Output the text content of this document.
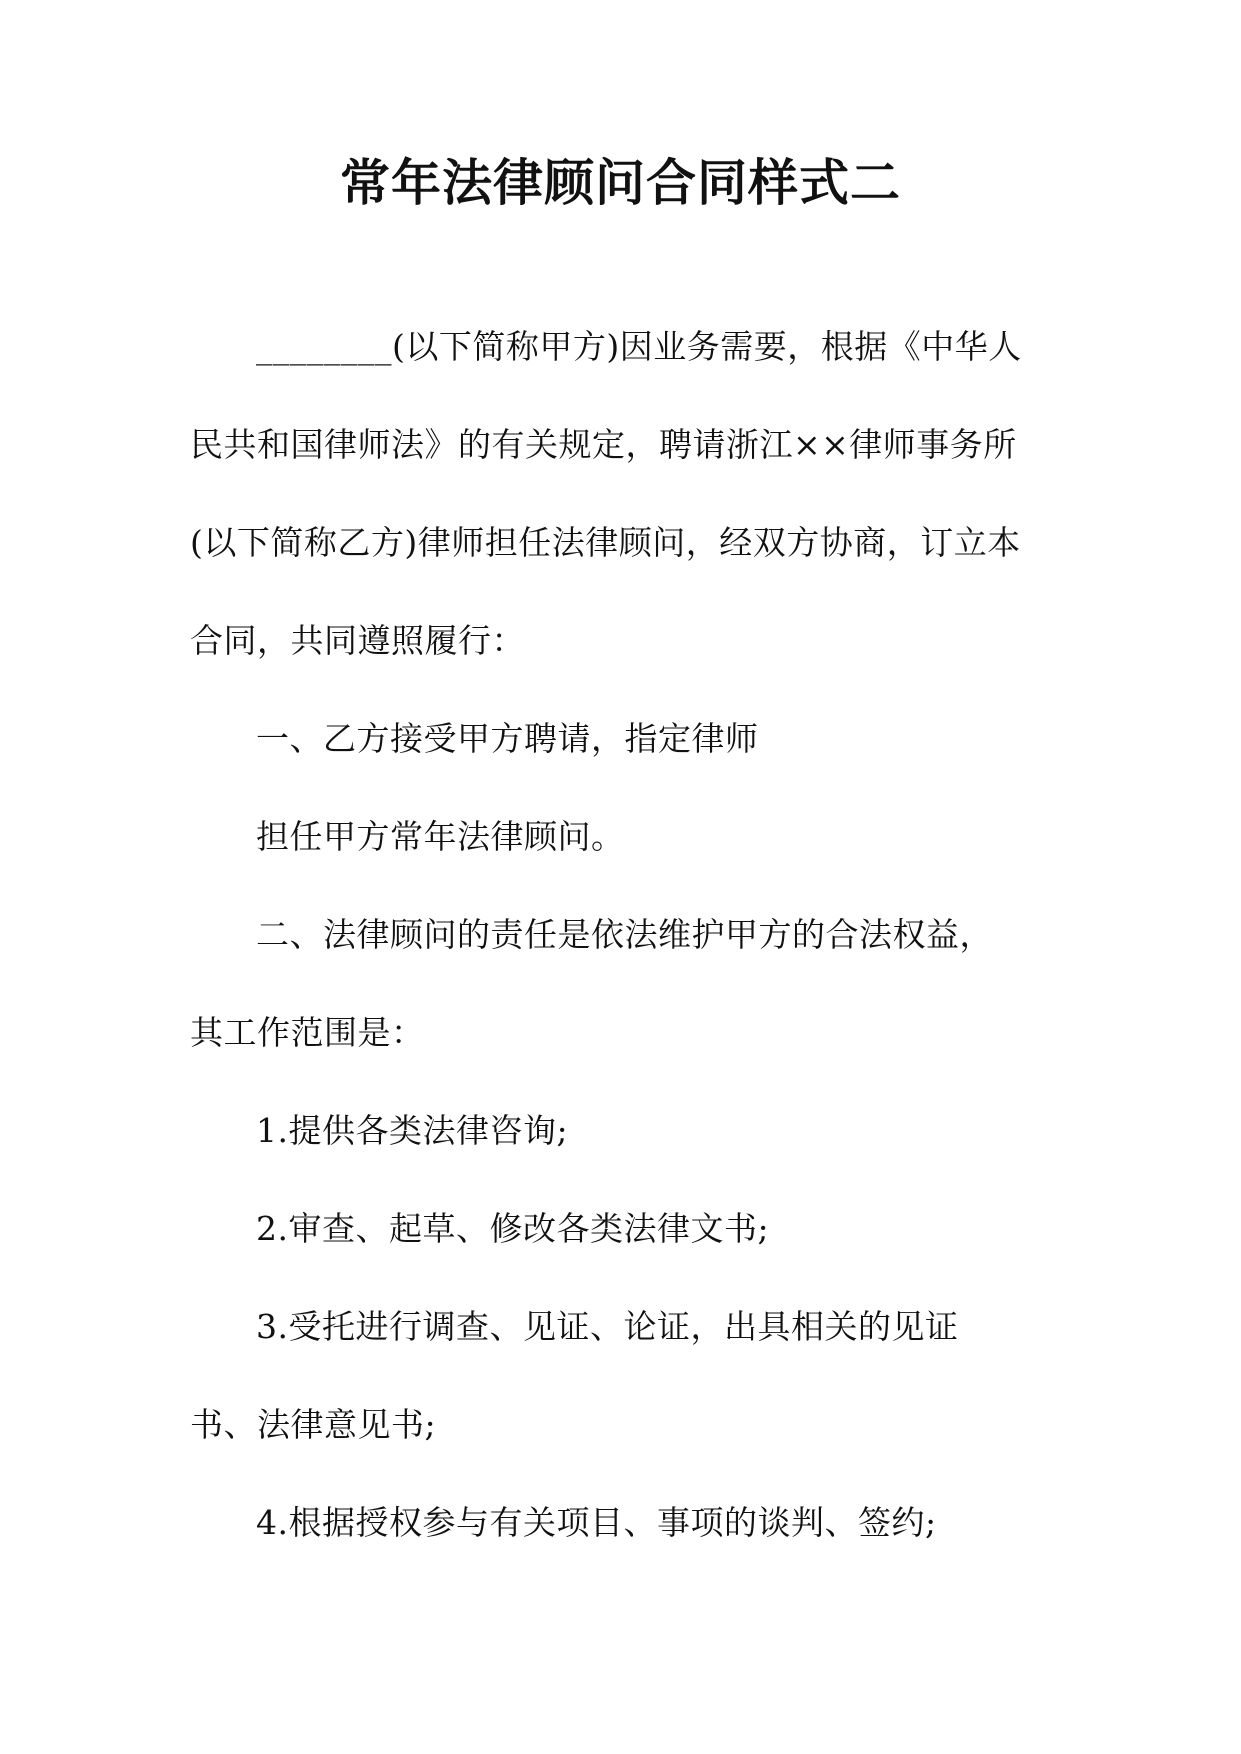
常年法律顾问合同样式二

________(以下简称甲方)因业务需要，根据《中华人民共和国律师法》的有关规定，聘请浙江××律师事务所(以下简称乙方)律师担任法律顾问，经双方协商，订立本合同，共同遵照履行：

一、乙方接受甲方聘请，指定律师

担任甲方常年法律顾问。

二、法律顾问的责任是依法维护甲方的合法权益，其工作范围是：

1.提供各类法律咨询;

2.审查、起草、修改各类法律文书;

3.受托进行调查、见证、论证，出具相关的见证书、法律意见书;

4.根据授权参与有关项目、事项的谈判、签约;
